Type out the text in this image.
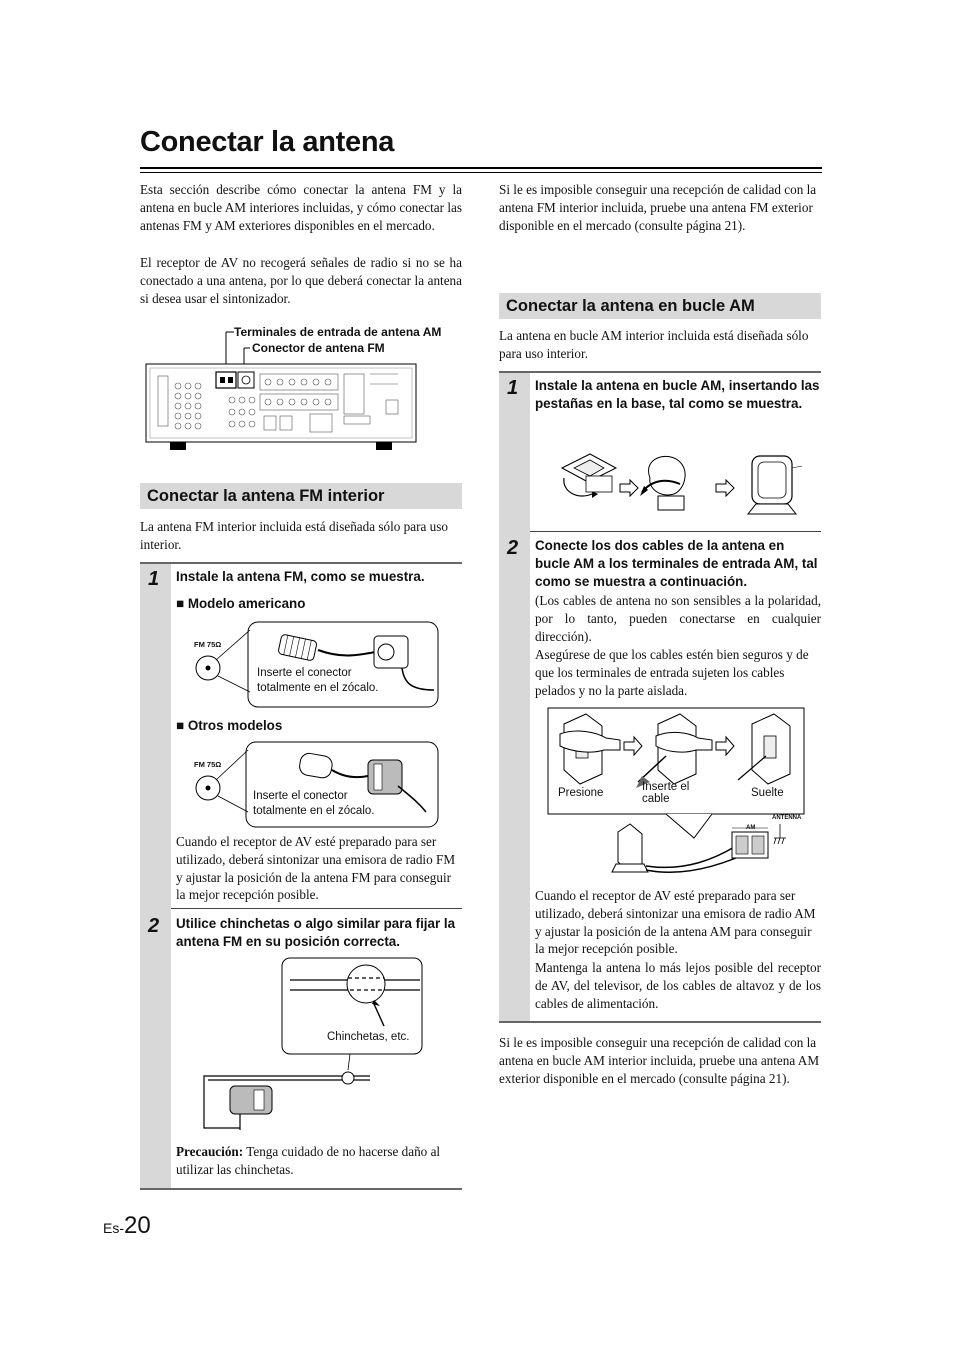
Conectar la antena
Esta sección describe cómo conectar la antena FM y la antena en bucle AM interiores incluidas, y cómo conectar las antenas FM y AM exteriores disponibles en el mercado.
El receptor de AV no recogerá señales de radio si no se ha conectado a una antena, por lo que deberá conectar la antena si desea usar el sintonizador.
Si le es imposible conseguir una recepción de calidad con la antena FM interior incluida, pruebe una antena FM exterior disponible en el mercado (consulte página 21).
Terminales de entrada de antena AM
Conector de antena FM
Conectar la antena FM interior
La antena FM interior incluida está diseñada sólo para uso interior.
1 Instale la antena FM, como se muestra.
■ Modelo americano
FM 75Ω
Inserte el conector totalmente en el zócalo.
■ Otros modelos
FM 75Ω
Inserte el conector totalmente en el zócalo.
Cuando el receptor de AV esté preparado para ser utilizado, deberá sintonizar una emisora de radio FM y ajustar la posición de la antena FM para conseguir la mejor recepción posible.
2 Utilice chinchetas o algo similar para fijar la antena FM en su posición correcta.
Chinchetas, etc.
Precaución: Tenga cuidado de no hacerse daño al utilizar las chinchetas.
Es-20
Conectar la antena en bucle AM
La antena en bucle AM interior incluida está diseñada sólo para uso interior.
1 Instale la antena en bucle AM, insertando las pestañas en la base, tal como se muestra.
2 Conecte los dos cables de la antena en bucle AM a los terminales de entrada AM, tal como se muestra a continuación.
(Los cables de antena no son sensibles a la polaridad, por lo tanto, pueden conectarse en cualquier dirección).
Asegúrese de que los cables estén bien seguros y de que los terminales de entrada sujeten los cables pelados y no la parte aislada.
Presione	Inserte el cable	Suelte
AM
ANTENNA
Cuando el receptor de AV esté preparado para ser utilizado, deberá sintonizar una emisora de radio AM y ajustar la posición de la antena AM para conseguir la mejor recepción posible.
Mantenga la antena lo más lejos posible del receptor de AV, del televisor, de los cables de altavoz y de los cables de alimentación.
Si le es imposible conseguir una recepción de calidad con la antena en bucle AM interior incluida, pruebe una antena AM exterior disponible en el mercado (consulte página 21).
